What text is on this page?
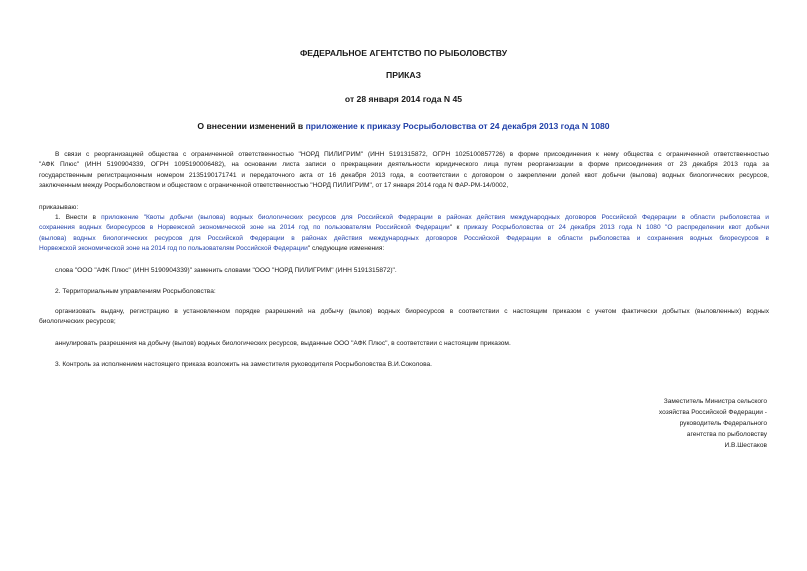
ФЕДЕРАЛЬНОЕ АГЕНТСТВО ПО РЫБОЛОВСТВУ
ПРИКАЗ
от 28 января 2014 года N 45
О внесении изменений в приложение к приказу Росрыболовства от 24 декабря 2013 года N 1080
В связи с реорганизацией общества с ограниченной ответственностью "НОРД ПИЛИГРИМ" (ИНН 5191315872, ОГРН 1025100857726) в форме присоединения к нему общества с ограниченной ответственностью
"АФК Плюс" (ИНН 5190904339, ОГРН 1095190006482), на основании листа записи о прекращении деятельности юридического лица путем реорганизации в форме присоединения от 23 декабря 2013 года за
государственным регистрационным номером 2135190171741 и передаточного акта от 16 декабря 2013 года, в соответствии с договором о закреплении долей квот добычи (вылова) водных биологических ресурсов,
заключенным между Росрыболовством и обществом с ограниченной ответственностью "НОРД ПИЛИГРИМ", от 17 января 2014 года N ФАР-РМ-14/0002,
приказываю:
1. Внести в приложение "Квоты добычи (вылова) водных биологических ресурсов для Российской Федерации в районах действия международных договоров Российской Федерации в области рыболовства и
сохранения водных биоресурсов в Норвежской экономической зоне на 2014 год по пользователям Российской Федерации" к приказу Росрыболовства от 24 декабря 2013 года N 1080 "О распределении квот добычи
(вылова) водных биологических ресурсов для Российской Федерации в районах действия международных договоров Российской Федерации в области рыболовства и сохранения водных биоресурсов в
Норвежской экономической зоне на 2014 год по пользователям Российской Федерации" следующие изменения:
слова "ООО "АФК Плюс" (ИНН 5190904339)" заменить словами "ООО "НОРД ПИЛИГРИМ" (ИНН 5191315872)".
2. Территориальным управлениям Росрыболовства:
организовать выдачу, регистрацию в установленном порядке разрешений на добычу (вылов) водных биоресурсов в соответствии с настоящим приказом с учетом фактически добытых (выловленных) водных
биологических ресурсов;
аннулировать разрешения на добычу (вылов) водных биологических ресурсов, выданные ООО "АФК Плюс", в соответствии с настоящим приказом.
3. Контроль за исполнением настоящего приказа возложить на заместителя руководителя Росрыболовства В.И.Соколова.
Заместитель Министра сельского
хозяйства Российской Федерации -
руководитель Федерального
агентства по рыболовству
И.В.Шестаков
